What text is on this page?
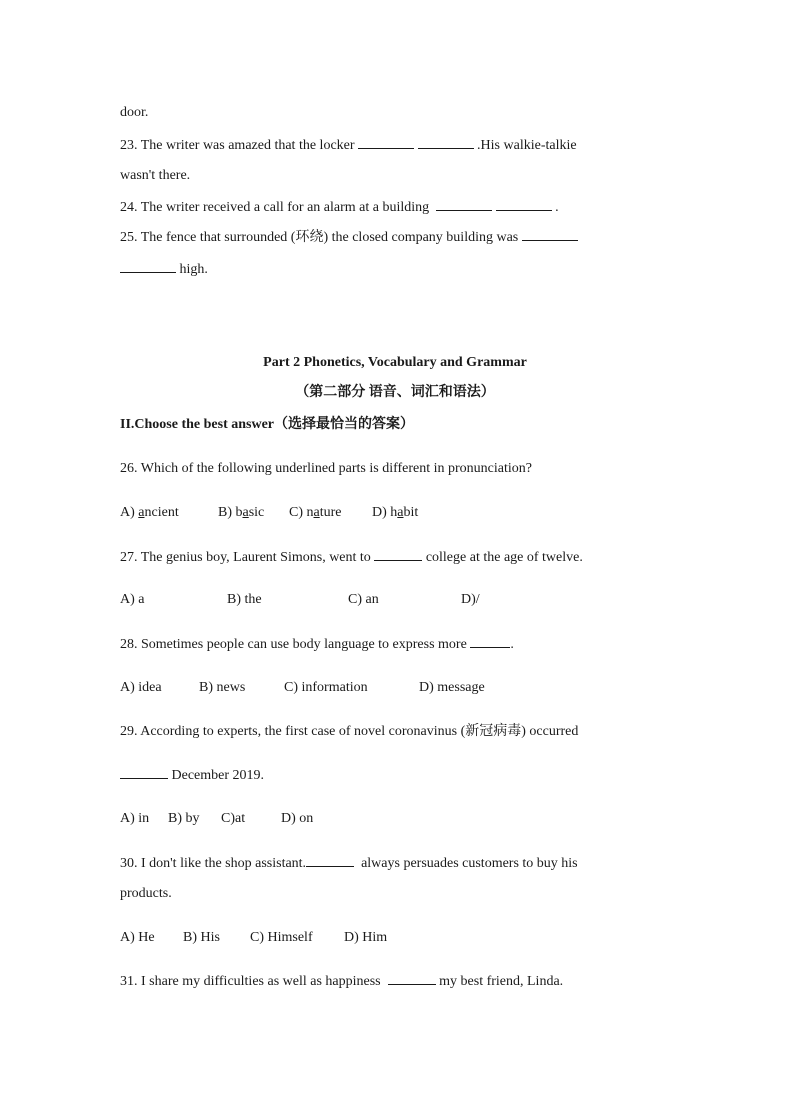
door.
23. The writer was amazed that the locker	.His walkie-talkie
wasn't there.
24. The writer received a call for an alarm at a building	.
25. The fence that surrounded (环绕) the closed company building was
high.
Part 2 Phonetics, Vocabulary and Grammar
（第二部分 语音、词汇和语法）
II.Choose the best answer（选择最恰当的答案）
26. Which of the following underlined parts is different in pronunciation?
A) ancient	B) basic C) nature D) habit
27. The genius boy, Laurent Simons, went to	college at the age of twelve.
A) a	B) the	C) an	D)/
28. Sometimes people can use body language to express more	.
A) idea	B) news	C) information	D) message
29. According to experts, the first case of novel coronavinus (新冠病毒) occurred
December 2019.
A) in B) by C)at	D) on
30. I don't like the shop assistant.	always persuades customers to buy his
products.
A) He B) His C) Himself D) Him
31. I share my difficulties as well as happiness	my best friend, Linda.
